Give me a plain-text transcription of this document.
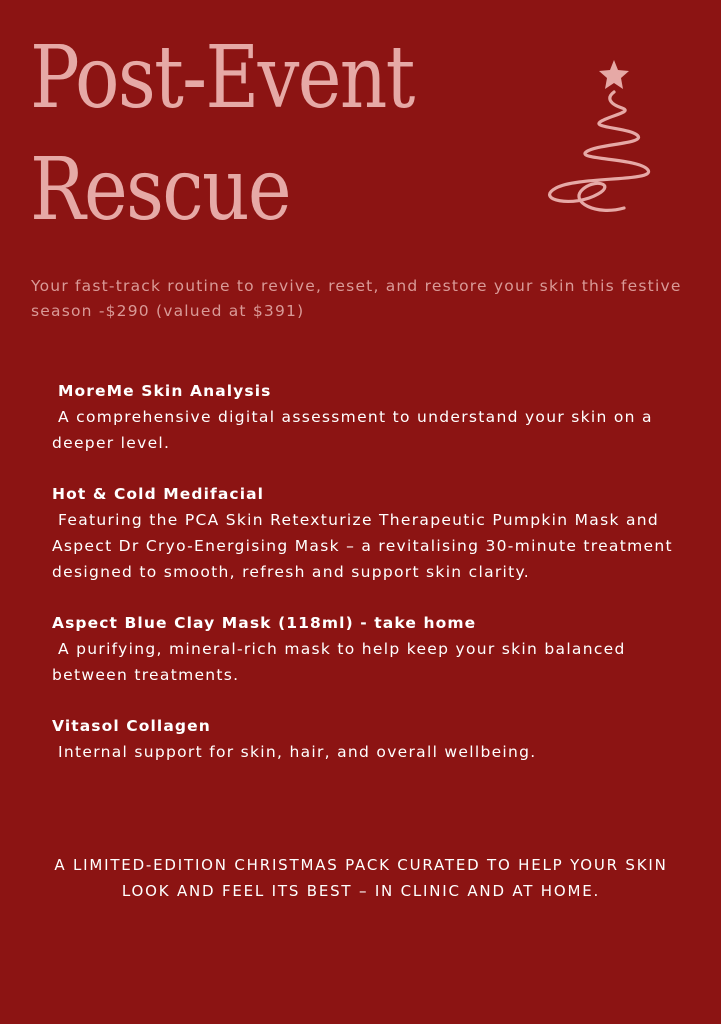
Post-Event
Rescue

Your fast-track routine to revive, reset, and restore your skin this festive season -$290 (valued at $391)

MoreMe Skin Analysis
A comprehensive digital assessment to understand your skin on a deeper level.
Hot & Cold Medifacial
Featuring the PCA Skin Retexturize Therapeutic Pumpkin Mask and Aspect Dr Cryo-Energising Mask – a revitalising 30-minute treatment designed to smooth, refresh and support skin clarity.
Aspect Blue Clay Mask (118ml) - take home
A purifying, mineral-rich mask to help keep your skin balanced between treatments.
Vitasol Collagen
Internal support for skin, hair, and overall wellbeing.

A LIMITED-EDITION CHRISTMAS PACK CURATED TO HELP YOUR SKIN LOOK AND FEEL ITS BEST – IN CLINIC AND AT HOME.
